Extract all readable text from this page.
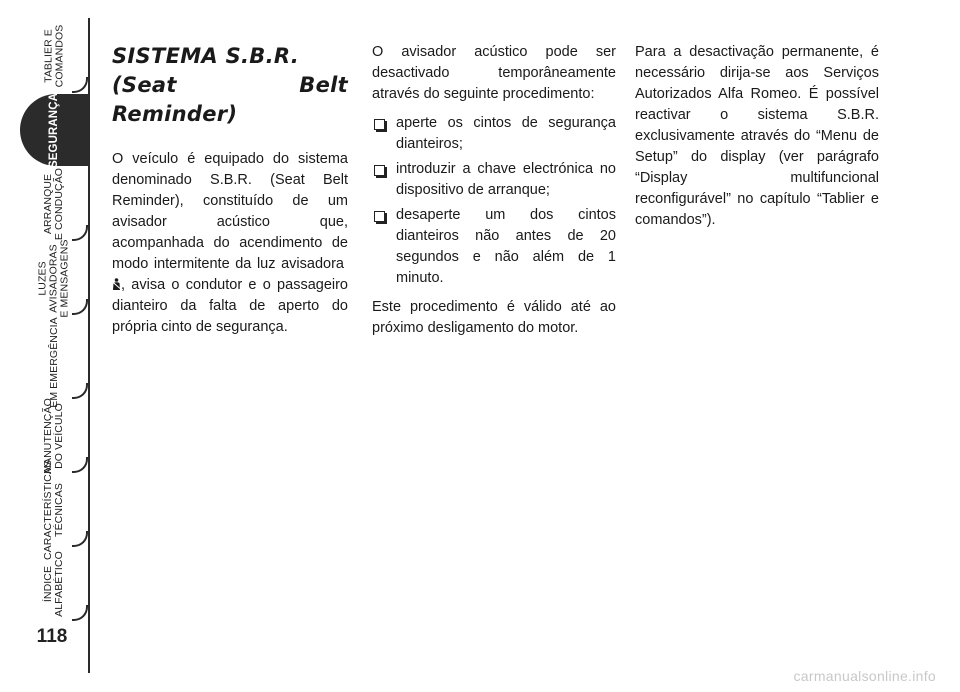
TABLIER E COMANDOS
SEGURANÇA
ARRANQUE E CONDUÇÃO
LUZES AVISADORAS E MENSAGENS
EM EMERGÊNCIA
MANUTENÇÃO DO VEÍCULO
CARACTERÍSTICAS TÉCNICAS
ÍNDICE ALFABÉTICO
118
SISTEMA S.B.R.
(Seat Belt Reminder)

O veículo é equipado do sistema denominado S.B.R. (Seat Belt Reminder), constituído de um avisador acústico que, acompanhada do acendimento de modo intermitente da luz avisadora , avisa o condutor e o passageiro dianteiro da falta de aperto do própria cinto de segurança.

O avisador acústico pode ser desactivado temporâneamente através do seguinte procedimento:

aperte os cintos de segurança dianteiros;
introduzir a chave electrónica no dispositivo de arranque;
desaperte um dos cintos dianteiros não antes de 20 segundos e não além de 1 minuto.

Este procedimento é válido até ao próximo desligamento do motor.

Para a desactivação permanente, é necessário dirija-se aos Serviços Autorizados Alfa Romeo. É possível reactivar o sistema S.B.R. exclusivamente através do “Menu de Setup” do display (ver parágrafo “Display multifuncional reconfigurável” no capítulo “Tablier e comandos”).

carmanualsonline.info
